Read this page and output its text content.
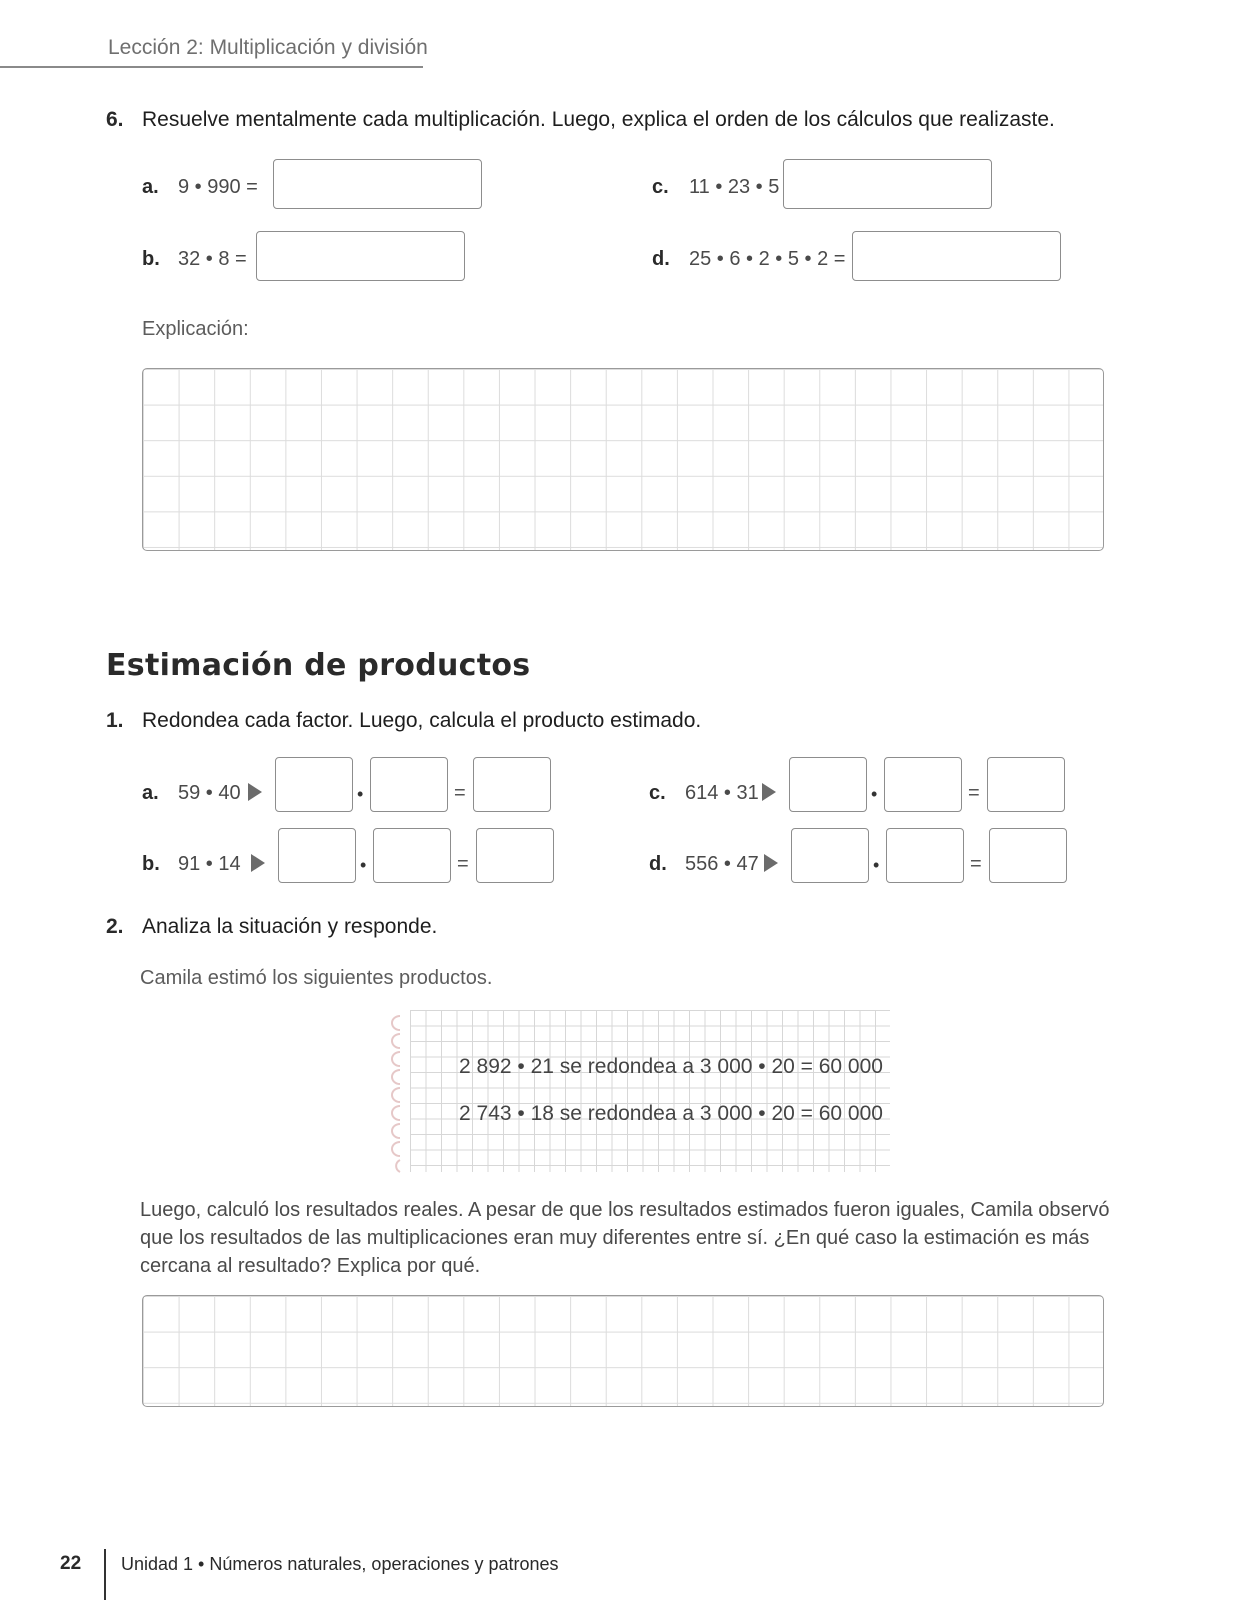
Lección 2: Multiplicación y división
6. Resuelve mentalmente cada multiplicación. Luego, explica el orden de los cálculos que realizaste.
a. 9 • 990 =
b. 32 • 8 =
c. 11 • 23 • 5
d. 25 • 6 • 2 • 5 • 2 =
Explicación:
Estimación de productos
1. Redondea cada factor. Luego, calcula el producto estimado.
a. 59 • 40	•	=
b. 91 • 14	•	=
c. 614 • 31	•	=
d. 556 • 47	•	=
2. Analiza la situación y responde.
Camila estimó los siguientes productos.
2 892 • 21 se redondea a 3 000 • 20 = 60 000
2 743 • 18 se redondea a 3 000 • 20 = 60 000
Luego, calculó los resultados reales. A pesar de que los resultados estimados fueron iguales, Camila observó
que los resultados de las multiplicaciones eran muy diferentes entre sí. ¿En qué caso la estimación es más
cercana al resultado? Explica por qué.
22 Unidad 1 • Números naturales, operaciones y patrones
